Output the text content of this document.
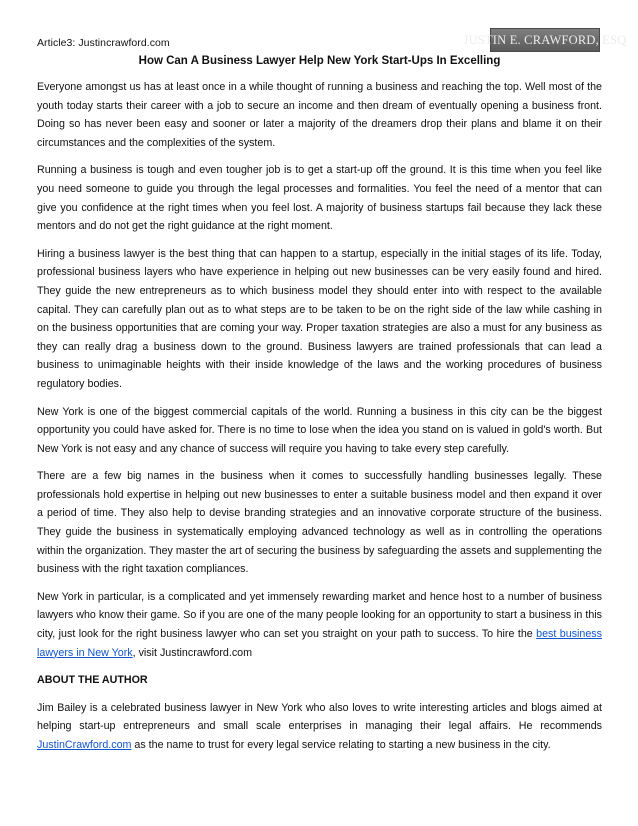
Article3: Justincrawford.com	JUSTIN E. CRAWFORD, ESQ
How Can A Business Lawyer Help New York Start-Ups In Excelling

Everyone amongst us has at least once in a while thought of running a business and reaching the top. Well most of the youth today starts their career with a job to secure an income and then dream of eventually opening a business front. Doing so has never been easy and sooner or later a majority of the dreamers drop their plans and blame it on their circumstances and the complexities of the system.

Running a business is tough and even tougher job is to get a start-up off the ground. It is this time when you feel like you need someone to guide you through the legal processes and formalities. You feel the need of a mentor that can give you confidence at the right times when you feel lost. A majority of business startups fail because they lack these mentors and do not get the right guidance at the right moment.

Hiring a business lawyer is the best thing that can happen to a startup, especially in the initial stages of its life. Today, professional business layers who have experience in helping out new businesses can be very easily found and hired. They guide the new entrepreneurs as to which business model they should enter into with respect to the available capital. They can carefully plan out as to what steps are to be taken to be on the right side of the law while cashing in on the business opportunities that are coming your way. Proper taxation strategies are also a must for any business as they can really drag a business down to the ground. Business lawyers are trained professionals that can lead a business to unimaginable heights with their inside knowledge of the laws and the working procedures of business regulatory bodies.

New York is one of the biggest commercial capitals of the world. Running a business in this city can be the biggest opportunity you could have asked for. There is no time to lose when the idea you stand on is valued in gold's worth. But New York is not easy and any chance of success will require you having to take every step carefully.

There are a few big names in the business when it comes to successfully handling businesses legally. These professionals hold expertise in helping out new businesses to enter a suitable business model and then expand it over a period of time. They also help to devise branding strategies and an innovative corporate structure of the business. They guide the business in systematically employing advanced technology as well as in controlling the operations within the organization. They master the art of securing the business by safeguarding the assets and supplementing the business with the right taxation compliances.

New York in particular, is a complicated and yet immensely rewarding market and hence host to a number of business lawyers who know their game. So if you are one of the many people looking for an opportunity to start a business in this city, just look for the right business lawyer who can set you straight on your path to success. To hire the best business lawyers in New York, visit Justincrawford.com

ABOUT THE AUTHOR

Jim Bailey is a celebrated business lawyer in New York who also loves to write interesting articles and blogs aimed at helping start-up entrepreneurs and small scale enterprises in managing their legal affairs. He recommends JustinCrawford.com as the name to trust for every legal service relating to starting a new business in the city.
